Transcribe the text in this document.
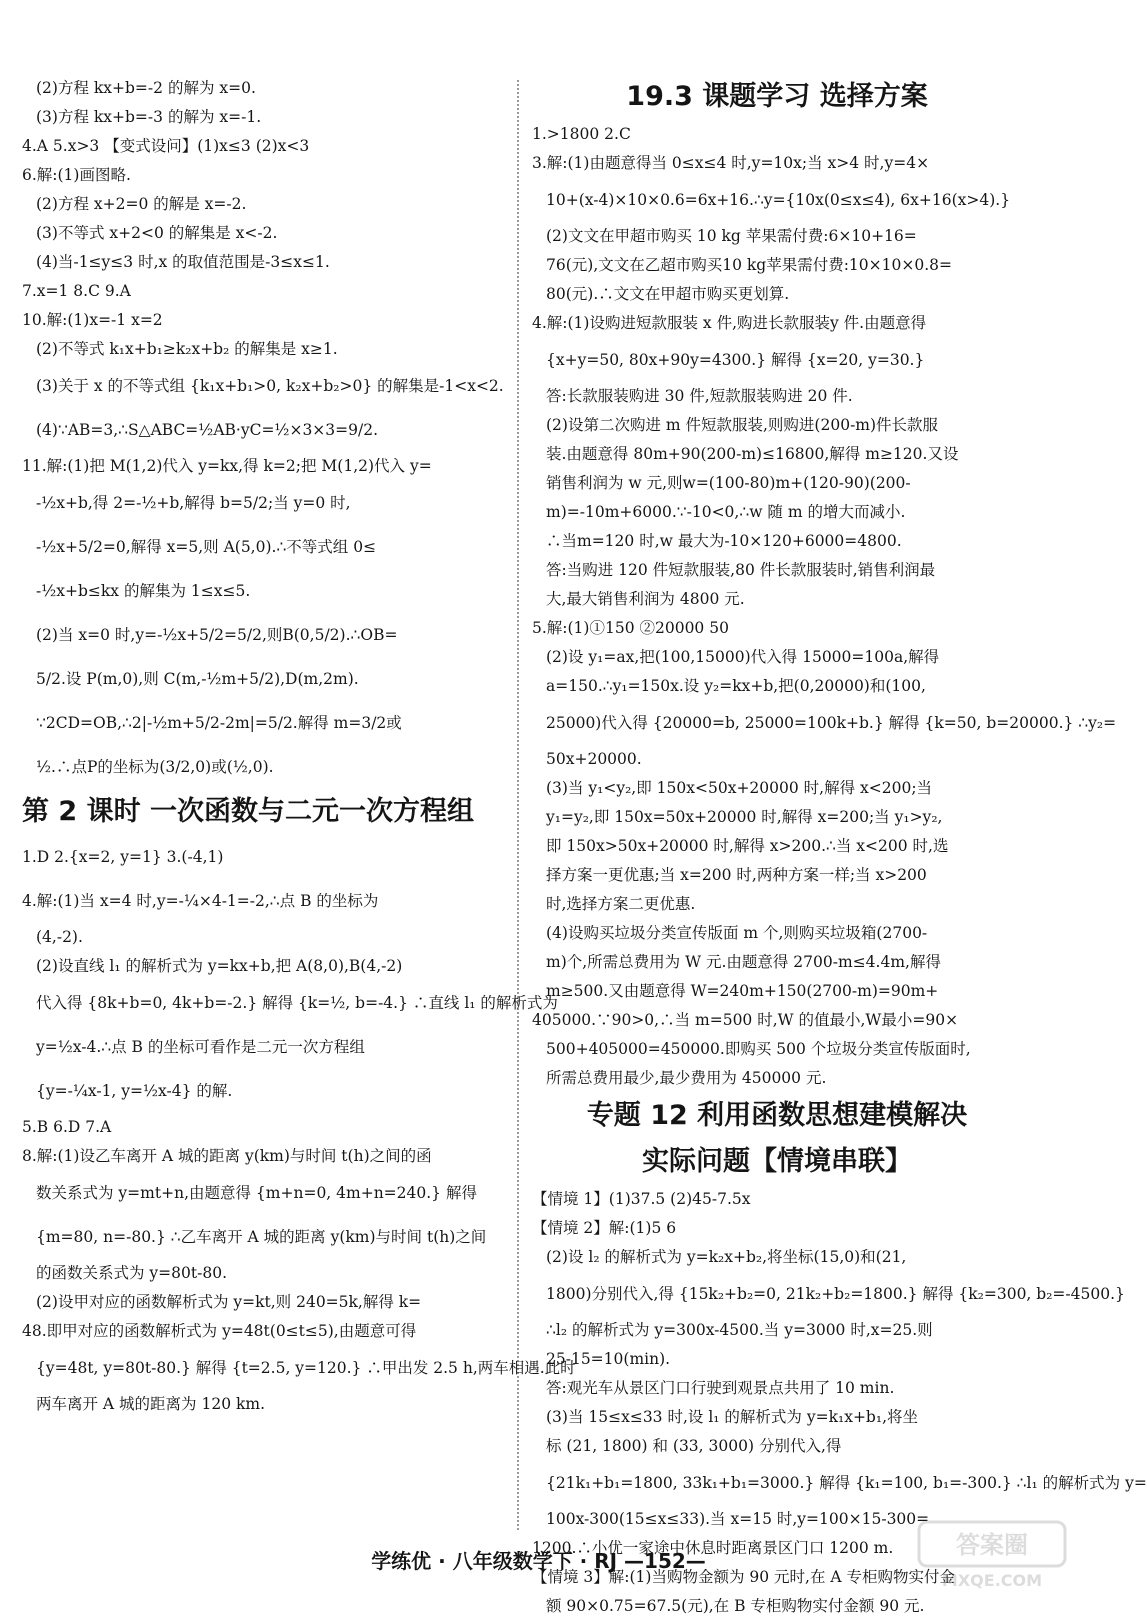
(2)方程 kx+b=-2 的解为 x=0.
(3)方程 kx+b=-3 的解为 x=-1.
4.A 5.x>3 【变式设问】(1)x≤3 (2)x<3
6.解:(1)画图略.
(2)方程 x+2=0 的解是 x=-2.
(3)不等式 x+2<0 的解集是 x<-2.
(4)当-1≤y≤3 时,x 的取值范围是-3≤x≤1.
7.x=1 8.C 9.A
10.解:(1)x=-1 x=2
(2)不等式 k₁x+b₁≥k₂x+b₂ 的解集是 x≥1.
(3)关于 x 的不等式组 {k₁x+b₁>0, k₂x+b₂>0} 的解集是-1<x<2.
(4)∵AB=3,∴S△ABC=½AB·yC=½×3×3=9/2.
11.解:(1)把 M(1,2)代入 y=kx,得 k=2;把 M(1,2)代入 y=
-½x+b,得 2=-½+b,解得 b=5/2;当 y=0 时,
-½x+5/2=0,解得 x=5,则 A(5,0).∴不等式组 0≤
-½x+b≤kx 的解集为 1≤x≤5.
(2)当 x=0 时,y=-½x+5/2=5/2,则B(0,5/2).∴OB=
5/2.设 P(m,0),则 C(m,-½m+5/2),D(m,2m).
∵2CD=OB,∴2|-½m+5/2-2m|=5/2.解得 m=3/2或
½.∴点P的坐标为(3/2,0)或(½,0).
第 2 课时 一次函数与二元一次方程组
1.D 2.{x=2, y=1} 3.(-4,1)
4.解:(1)当 x=4 时,y=-¼×4-1=-2,∴点 B 的坐标为
(4,-2).
(2)设直线 l₁ 的解析式为 y=kx+b,把 A(8,0),B(4,-2)
代入得 {8k+b=0, 4k+b=-2.} 解得 {k=½, b=-4.} ∴直线 l₁ 的解析式为
y=½x-4.∴点 B 的坐标可看作是二元一次方程组
{y=-¼x-1, y=½x-4} 的解.
5.B 6.D 7.A
8.解:(1)设乙车离开 A 城的距离 y(km)与时间 t(h)之间的函
数关系式为 y=mt+n,由题意得 {m+n=0, 4m+n=240.} 解得
{m=80, n=-80.} ∴乙车离开 A 城的距离 y(km)与时间 t(h)之间
的函数关系式为 y=80t-80.
(2)设甲对应的函数解析式为 y=kt,则 240=5k,解得 k=
48.即甲对应的函数解析式为 y=48t(0≤t≤5),由题意可得
{y=48t, y=80t-80.} 解得 {t=2.5, y=120.} ∴甲出发 2.5 h,两车相遇.此时
两车离开 A 城的距离为 120 km.
19.3 课题学习 选择方案
1.>1800 2.C
3.解:(1)由题意得当 0≤x≤4 时,y=10x;当 x>4 时,y=4×
10+(x-4)×10×0.6=6x+16.∴y={10x(0≤x≤4), 6x+16(x>4).}
(2)文文在甲超市购买 10 kg 苹果需付费:6×10+16=
76(元),文文在乙超市购买10 kg苹果需付费:10×10×0.8=
80(元).∴文文在甲超市购买更划算.
4.解:(1)设购进短款服装 x 件,购进长款服装y 件.由题意得
{x+y=50, 80x+90y=4300.} 解得 {x=20, y=30.}
答:长款服装购进 30 件,短款服装购进 20 件.
(2)设第二次购进 m 件短款服装,则购进(200-m)件长款服
装.由题意得 80m+90(200-m)≤16800,解得 m≥120.又设
销售利润为 w 元,则w=(100-80)m+(120-90)(200-
m)=-10m+6000.∵-10<0,∴w 随 m 的增大而减小.
∴当m=120 时,w 最大为-10×120+6000=4800.
答:当购进 120 件短款服装,80 件长款服装时,销售利润最
大,最大销售利润为 4800 元.
5.解:(1)①150 ②20000 50
(2)设 y₁=ax,把(100,15000)代入得 15000=100a,解得
a=150.∴y₁=150x.设 y₂=kx+b,把(0,20000)和(100,
25000)代入得 {20000=b, 25000=100k+b.} 解得 {k=50, b=20000.} ∴y₂=
50x+20000.
(3)当 y₁<y₂,即 150x<50x+20000 时,解得 x<200;当
y₁=y₂,即 150x=50x+20000 时,解得 x=200;当 y₁>y₂,
即 150x>50x+20000 时,解得 x>200.∴当 x<200 时,选
择方案一更优惠;当 x=200 时,两种方案一样;当 x>200
时,选择方案二更优惠.
(4)设购买垃圾分类宣传版面 m 个,则购买垃圾箱(2700-
m)个,所需总费用为 W 元.由题意得 2700-m≤4.4m,解得
m≥500.又由题意得 W=240m+150(2700-m)=90m+
405000.∵90>0,∴当 m=500 时,W 的值最小,W最小=90×
500+405000=450000.即购买 500 个垃圾分类宣传版面时,
所需总费用最少,最少费用为 450000 元.
专题 12 利用函数思想建模解决
实际问题【情境串联】
【情境 1】(1)37.5 (2)45-7.5x
【情境 2】解:(1)5 6
(2)设 l₂ 的解析式为 y=k₂x+b₂,将坐标(15,0)和(21,
1800)分别代入,得 {15k₂+b₂=0, 21k₂+b₂=1800.} 解得 {k₂=300, b₂=-4500.}
∴l₂ 的解析式为 y=300x-4500.当 y=3000 时,x=25.则
25-15=10(min).
答:观光车从景区门口行驶到观景点共用了 10 min.
(3)当 15≤x≤33 时,设 l₁ 的解析式为 y=k₁x+b₁,将坐
标 (21, 1800) 和 (33, 3000) 分别代入,得
{21k₁+b₁=1800, 33k₁+b₁=3000.} 解得 {k₁=100, b₁=-300.} ∴l₁ 的解析式为 y=
100x-300(15≤x≤33).当 x=15 时,y=100×15-300=
1200.∴小优一家途中休息时距离景区门口 1200 m.
【情境 3】解:(1)当购物金额为 90 元时,在 A 专柜购物实付金
额 90×0.75=67.5(元),在 B 专柜购物实付金额 90 元.
学练优 · 八年级数学下 · RJ —152—
答案圈
MXQE.COM
